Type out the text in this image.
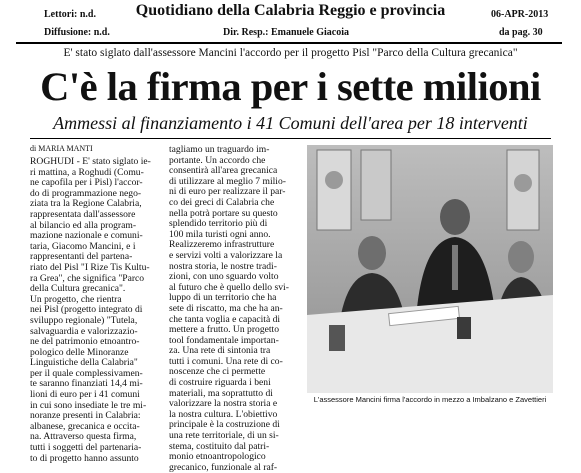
Lettori: n.d.
Diffusione: n.d.
Quotidiano della Calabria Reggio e provincia
Dir. Resp.: Emanuele Giacoia
06-APR-2013
da pag. 30
E' stato siglato dall'assessore Mancini l'accordo per il progetto Pisl "Parco della Cultura grecanica"
C'è la firma per i sette milioni
Ammessi al finanziamento i 41 Comuni dell'area per 18 interventi
di MARIA MANTI
ROGHUDI - E' stato siglato ie-
ri mattina, a Roghudi (Comu-
ne capofila per i Pisl) l'accor-
do di programmazione nego-
ziata tra la Regione Calabria,
rappresentata dall'assessore
al bilancio ed alla program-
mazione nazionale e comuni-
taria, Giacomo Mancini, e i
rappresentanti del partena-
riato del Pisl "I Rize Tis Kultu-
ra Grea", che significa "Parco
della Cultura grecanica".
Un progetto, che rientra
nei Pisl (progetto integrato di
sviluppo regionale) "Tutela,
salvaguardia e valorizzazio-
ne del patrimonio etnoantro-
pologico delle Minoranze
Linguistiche della Calabria"
per il quale complessivamen-
te saranno finanziati 14,4 mi-
lioni di euro per i 41 comuni
in cui sono insediate le tre mi-
noranze presenti in Calabria:
albanese, grecanica e occita-
na. Attraverso questa firma,
tutti i soggetti del partenaria-
to di progetto hanno assunto
tagliamo un traguardo im-
portante. Un accordo che
consentirà all'area grecanica
di utilizzare al meglio 7 milio-
ni di euro per realizzare il par-
co dei greci di Calabria che
nella potrà portare su questo
splendido territorio più di
100 mila turisti ogni anno.
Realizzeremo infrastrutture
e servizi volti a valorizzare la
nostra storia, le nostre tradi-
zioni, con uno sguardo volto
al futuro che è quello dello svi-
luppo di un territorio che ha
sete di riscatto, ma che ha an-
che tanta voglia e capacità di
mettere a frutto. Un progetto
tool fondamentale importan-
za. Una rete di sintonia tra
tutti i comuni. Una rete di co-
noscenze che ci permette
di costruire riguarda i beni
materiali, ma soprattutto di
valorizzare la nostra storia e
la nostra cultura. L'obiettivo
principale è la costruzione di
una rete territoriale, di un si-
stema, costituito dal patri-
monio etnoantropologico
grecanico, funzionale al raf-
L'assessore Mancini firma l'accordo in mezzo a Imbalzano e Zavettieri
